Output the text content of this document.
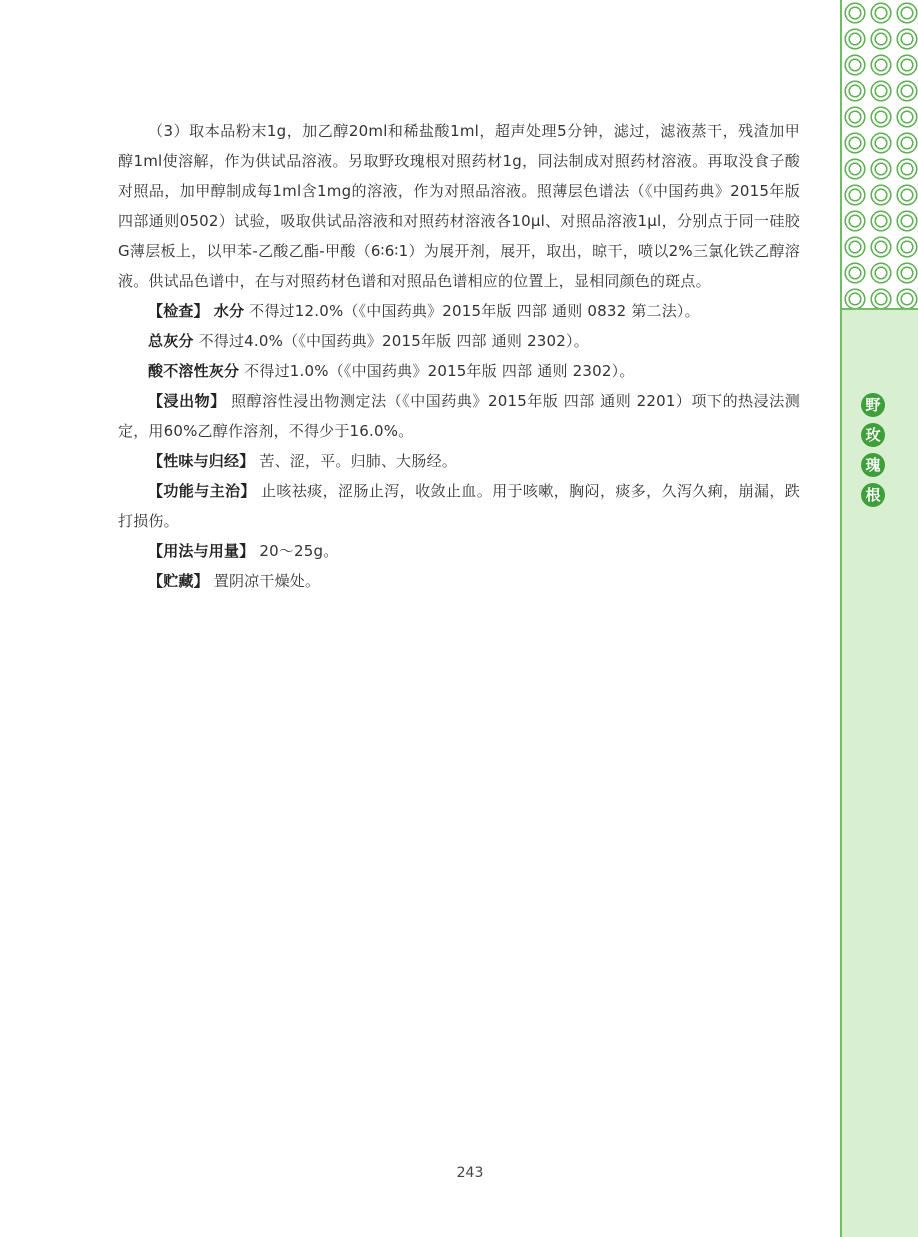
野
玫
瑰
根

（3）取本品粉末1g，加乙醇20ml和稀盐酸1ml，超声处理5分钟，滤过，滤液蒸干，残渣加甲醇1ml使溶解，作为供试品溶液。另取野玫瑰根对照药材1g，同法制成对照药材溶液。再取没食子酸对照品，加甲醇制成每1ml含1mg的溶液，作为对照品溶液。照薄层色谱法（《中国药典》2015年版四部通则0502）试验，吸取供试品溶液和对照药材溶液各10μl、对照品溶液1μl，分别点于同一硅胶G薄层板上，以甲苯-乙酸乙酯-甲酸（6∶6∶1）为展开剂，展开，取出，晾干，喷以2%三氯化铁乙醇溶液。供试品色谱中，在与对照药材色谱和对照品色谱相应的位置上，显相同颜色的斑点。

【检查】 水分 不得过12.0%（《中国药典》2015年版 四部 通则 0832 第二法）。

总灰分 不得过4.0%（《中国药典》2015年版 四部 通则 2302）。

酸不溶性灰分 不得过1.0%（《中国药典》2015年版 四部 通则 2302）。

【浸出物】 照醇溶性浸出物测定法（《中国药典》2015年版 四部 通则 2201）项下的热浸法测定，用60%乙醇作溶剂，不得少于16.0%。

【性味与归经】 苦、涩，平。归肺、大肠经。

【功能与主治】 止咳祛痰，涩肠止泻，收敛止血。用于咳嗽，胸闷，痰多，久泻久痢，崩漏，跌打损伤。

【用法与用量】 20～25g。

【贮藏】 置阴凉干燥处。

243
